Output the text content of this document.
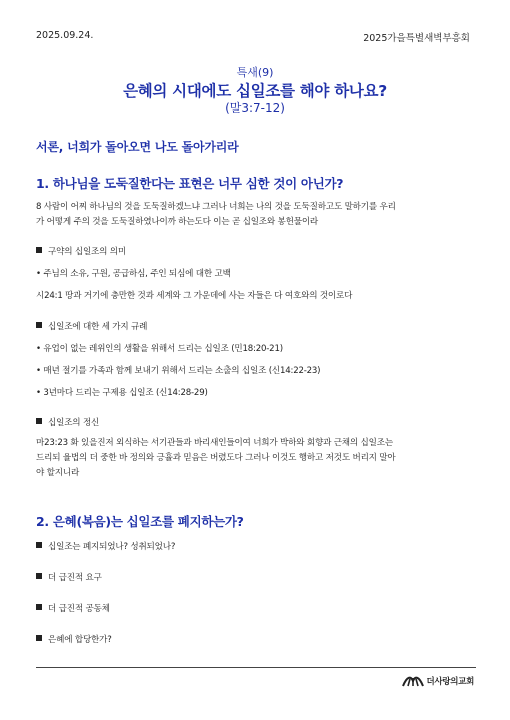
2025.09.24.	2025가을특별새벽부흥회
특새(9)
은혜의 시대에도 십일조를 해야 하나요?
(말3:7-12)
서론, 너희가 돌아오면 나도 돌아가리라
1. 하나님을 도둑질한다는 표현은 너무 심한 것이 아닌가?
8 사람이 어찌 하나님의 것을 도둑질하겠느냐 그러나 너희는 나의 것을 도둑질하고도 말하기를 우리
가 어떻게 주의 것을 도둑질하였나이까 하는도다 이는 곧 십일조와 봉헌물이라
구약의 십일조의 의미
• 주님의 소유, 구원, 공급하심, 주인 되심에 대한 고백
시24:1 땅과 거기에 충만한 것과 세계와 그 가운데에 사는 자들은 다 여호와의 것이로다
십일조에 대한 세 가지 규례
• 유업이 없는 레위인의 생활을 위해서 드리는 십일조 (민18:20-21)
• 매년 절기를 가족과 함께 보내기 위해서 드리는 소출의 십일조 (신14:22-23)
• 3년마다 드리는 구제용 십일조 (신14:28-29)
십일조의 정신
마23:23 화 있을진저 외식하는 서기관들과 바리새인들이여 너희가 박하와 회향과 근채의 십일조는
드리되 율법의 더 중한 바 정의와 긍휼과 믿음은 버렸도다 그러나 이것도 행하고 저것도 버리지 말아
야 할지니라
2. 은혜(복음)는 십일조를 폐지하는가?
십일조는 폐지되었나? 성취되었나?
더 급진적 요구
더 급진적 공동체
은혜에 합당한가?
더사랑의교회
